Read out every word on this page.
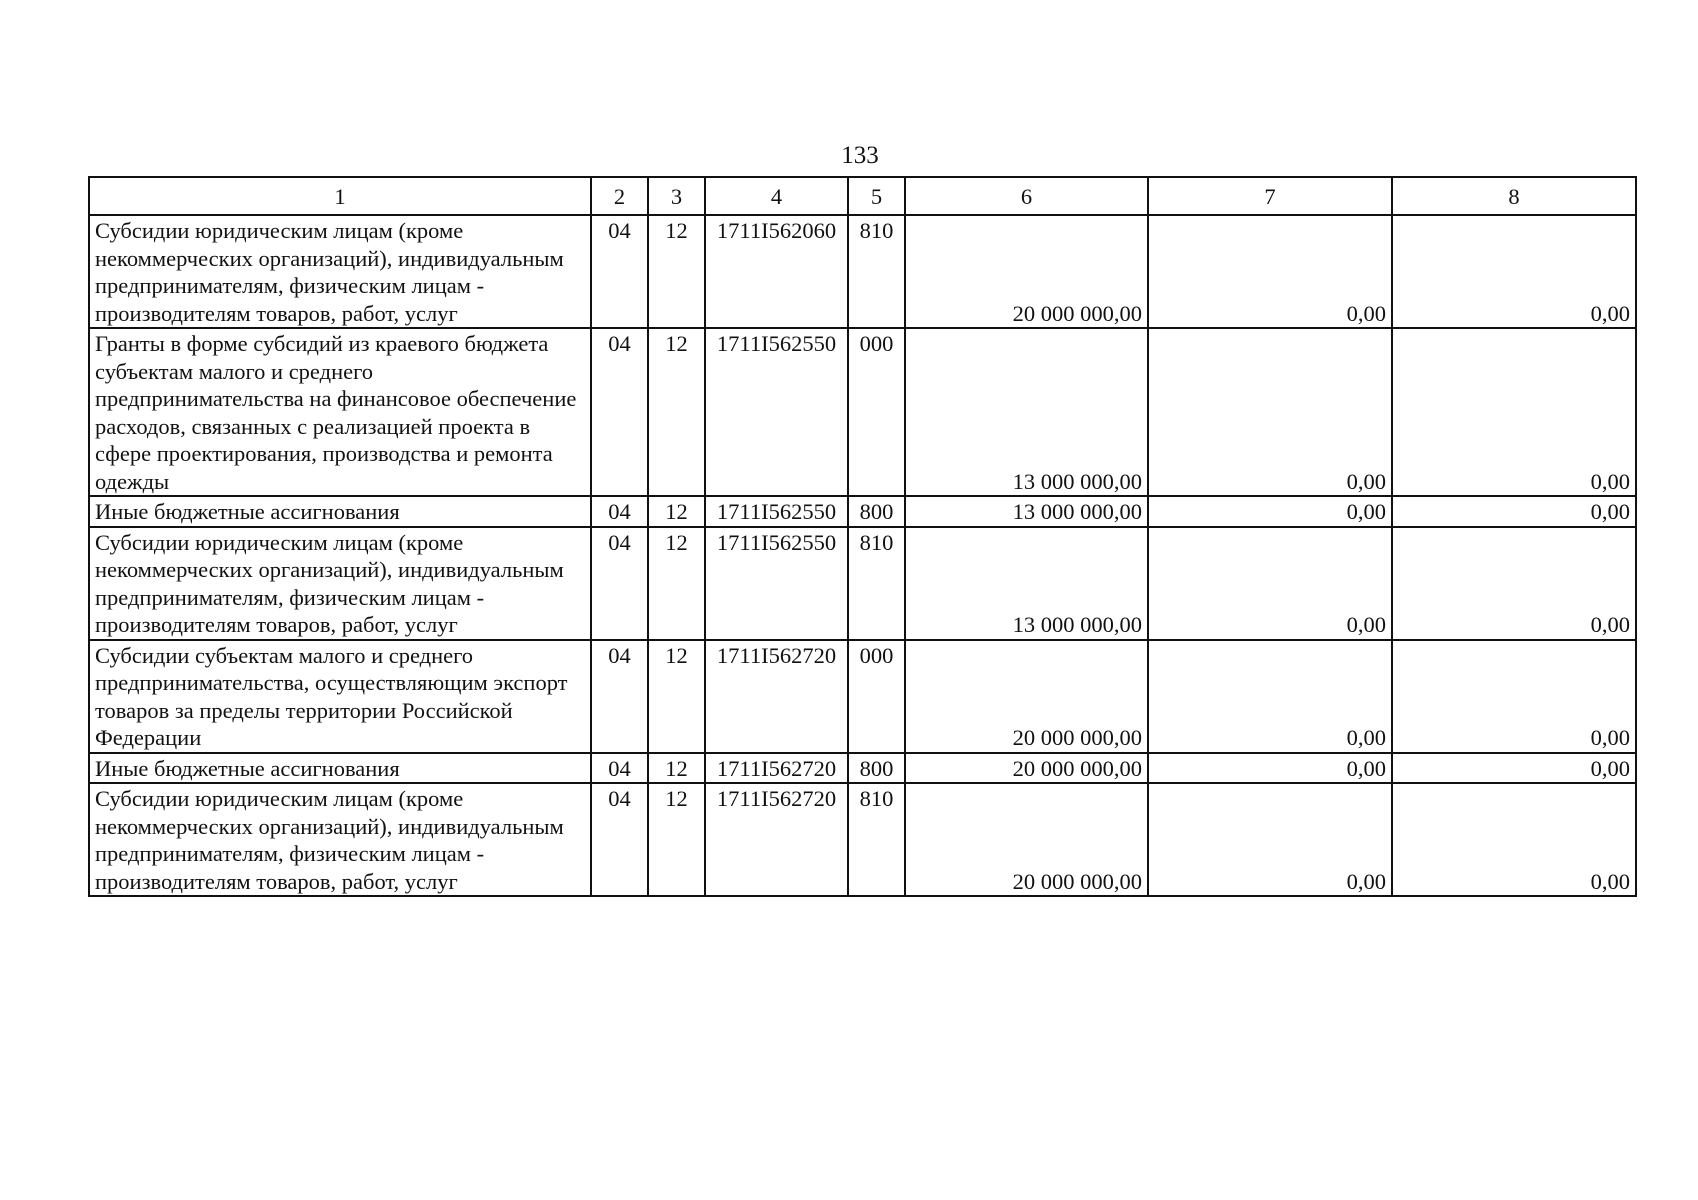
133
1	2	3	4	5	6	7	8
Субсидии юридическим лицам (кроме некоммерческих организаций), индивидуальным предпринимателям, физическим лицам - производителям товаров, работ, услуг	04	12	1711I562060	810	20 000 000,00	0,00	0,00
Гранты в форме субсидий из краевого бюджета субъектам малого и среднего предпринимательства на финансовое обеспечение расходов, связанных с реализацией проекта в сфере проектирования, производства и ремонта одежды	04	12	1711I562550	000	13 000 000,00	0,00	0,00
Иные бюджетные ассигнования	04	12	1711I562550	800	13 000 000,00	0,00	0,00
Субсидии юридическим лицам (кроме некоммерческих организаций), индивидуальным предпринимателям, физическим лицам - производителям товаров, работ, услуг	04	12	1711I562550	810	13 000 000,00	0,00	0,00
Субсидии субъектам малого и среднего предпринимательства, осуществляющим экспорт товаров за пределы территории Российской Федерации	04	12	1711I562720	000	20 000 000,00	0,00	0,00
Иные бюджетные ассигнования	04	12	1711I562720	800	20 000 000,00	0,00	0,00
Субсидии юридическим лицам (кроме некоммерческих организаций), индивидуальным предпринимателям, физическим лицам - производителям товаров, работ, услуг	04	12	1711I562720	810	20 000 000,00	0,00	0,00
